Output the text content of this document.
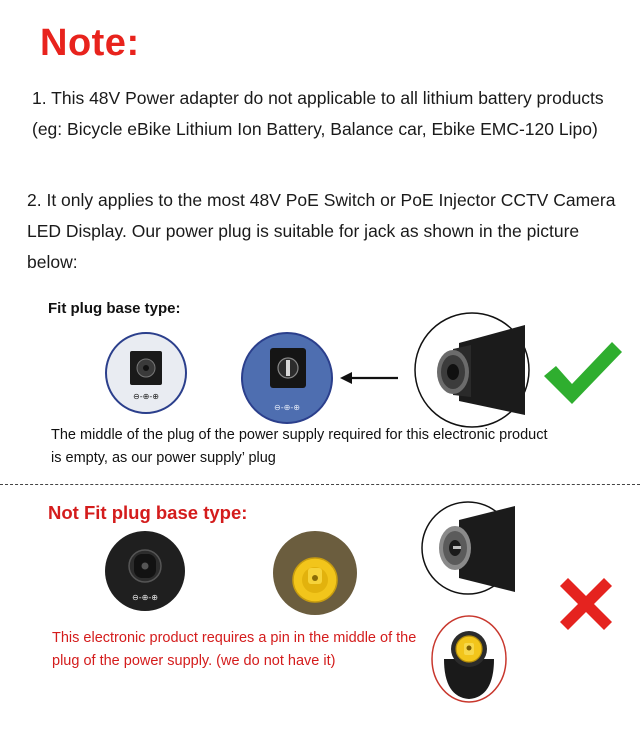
Note:
1. This 48V Power adapter do not applicable to all lithium battery products (eg: Bicycle eBike Lithium Ion Battery, Balance car, Ebike EMC-120 Lipo)
2. It only applies to the most 48V PoE Switch or PoE Injector CCTV Camera LED Display. Our power plug is suitable for jack as shown in the picture below:
Fit plug base type:
⊖-⊕-⊕
⊖-⊕-⊕
The middle of the plug of the power supply required for this electronic product is empty, as our power supply’ plug
Not Fit plug base type:
⊖-⊕-⊕
This electronic product requires a pin in the middle of the plug of the power supply. (we do not have it)
